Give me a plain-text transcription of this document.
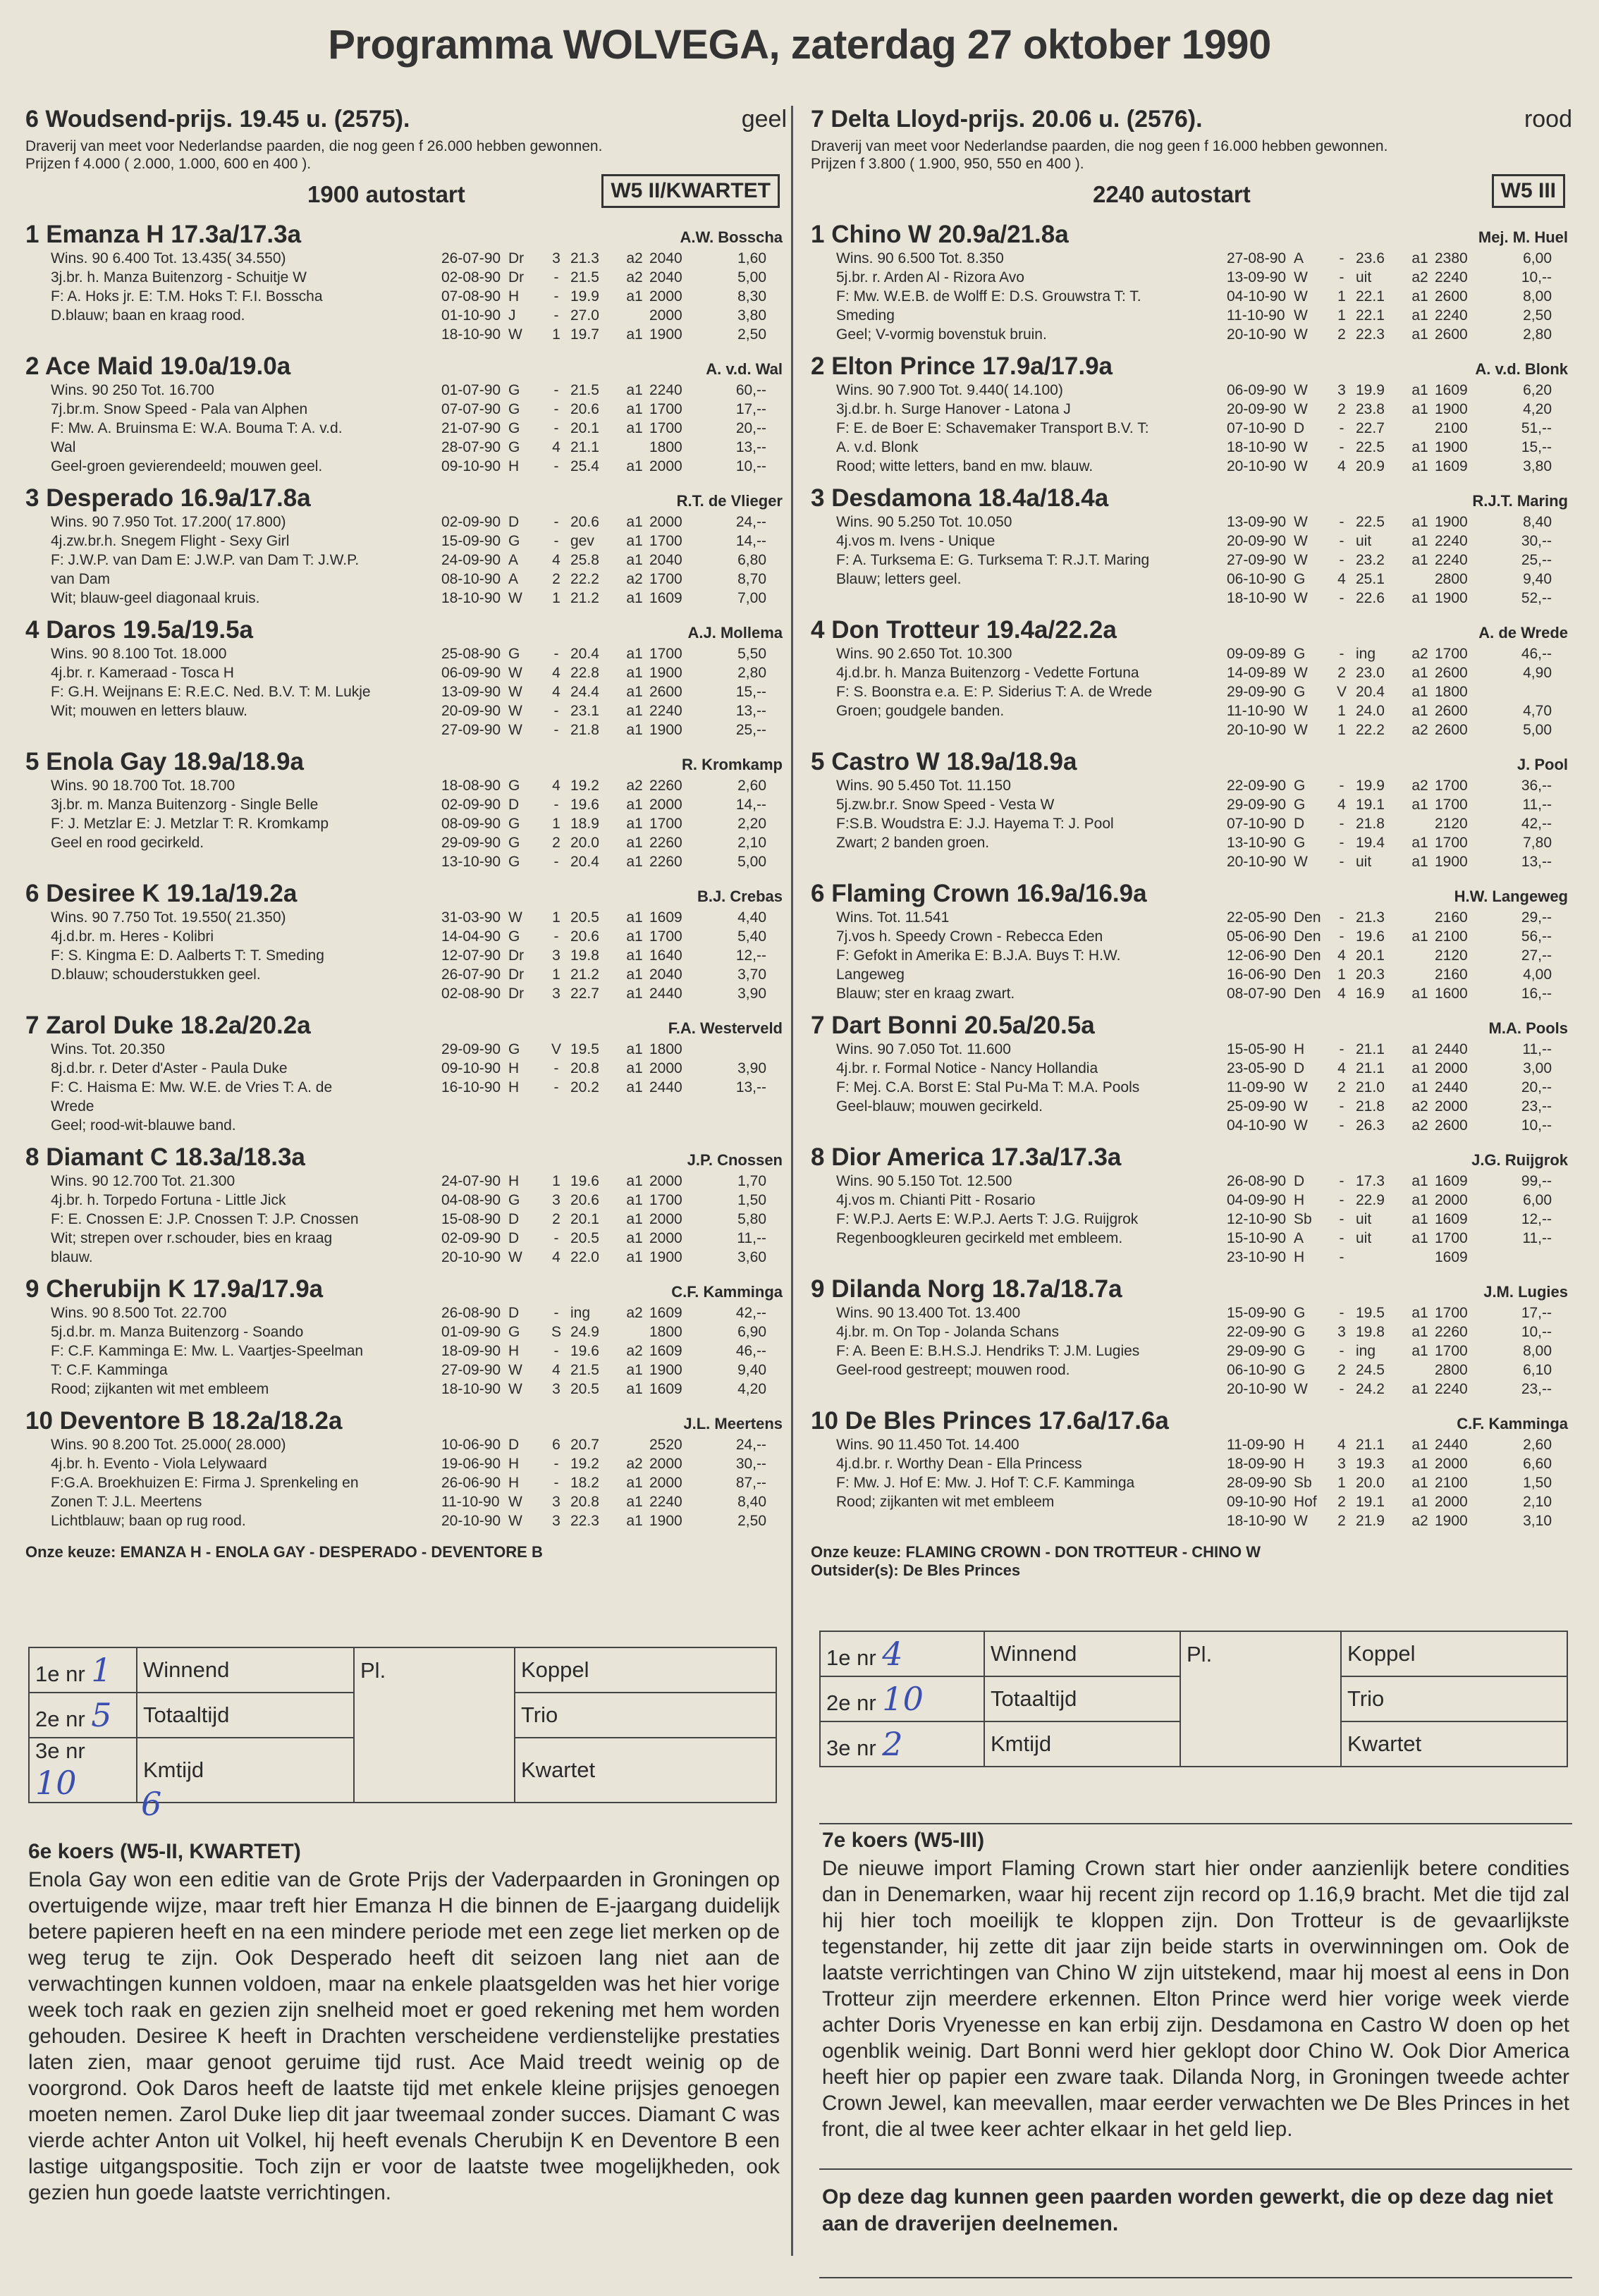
Programma WOLVEGA, zaterdag 27 oktober 1990
6 Woudsend-prijs. 19.45 u. (2575).	geel
Draverij van meet voor Nederlandse paarden, die nog geen f 26.000 hebben gewonnen.
Prijzen f 4.000 ( 2.000, 1.000, 600 en 400 ).
1900 autostart	W5 II/KWARTET
1 Emanza H 17.3a/17.3a	A.W. Bosscha
Wins. 90 6.400 Tot. 13.435( 34.550)
3j.br. h. Manza Buitenzorg - Schuitje W
F: A. Hoks jr. E: T.M. Hoks T: F.I. Bosscha
D.blauw; baan en kraag rood.
26-07-90 Dr	3 21.3	a2 2040	1,60
02-08-90 Dr	- 21.5	a2 2040	5,00
07-08-90 H	- 19.9	a1 2000	8,30
01-10-90 J	- 27.0	2000	3,80
18-10-90 W	1 19.7	a1 1900	2,50
2 Ace Maid 19.0a/19.0a	A. v.d. Wal
Wins. 90 250 Tot. 16.700
7j.br.m. Snow Speed - Pala van Alphen
F: Mw. A. Bruinsma E: W.A. Bouma T: A. v.d.
Wal
Geel-groen gevierendeeld; mouwen geel.
01-07-90 G	- 21.5	a1 2240	60,--
07-07-90 G	- 20.6	a1 1700	17,--
21-07-90 G	- 20.1	a1 1700	20,--
28-07-90 G	4 21.1	1800	13,--
09-10-90 H	- 25.4	a1 2000	10,--
3 Desperado 16.9a/17.8a	R.T. de Vlieger
Wins. 90 7.950 Tot. 17.200( 17.800)
4j.zw.br.h. Snegem Flight - Sexy Girl
F: J.W.P. van Dam E: J.W.P. van Dam T: J.W.P.
van Dam
Wit; blauw-geel diagonaal kruis.
02-09-90 D	- 20.6	a1 2000	24,--
15-09-90 G	- gev	a1 1700	14,--
24-09-90 A	4 25.8	a1 2040	6,80
08-10-90 A	2 22.2	a2 1700	8,70
18-10-90 W	1 21.2	a1 1609	7,00
4 Daros 19.5a/19.5a	A.J. Mollema
Wins. 90 8.100 Tot. 18.000
4j.br. r. Kameraad - Tosca H
F: G.H. Weijnans E: R.E.C. Ned. B.V. T: M. Lukje
Wit; mouwen en letters blauw.
25-08-90 G	- 20.4	a1 1700	5,50
06-09-90 W	4 22.8	a1 1900	2,80
13-09-90 W	4 24.4	a1 2600	15,--
20-09-90 W	- 23.1	a1 2240	13,--
27-09-90 W	- 21.8	a1 1900	25,--
5 Enola Gay 18.9a/18.9a	R. Kromkamp
Wins. 90 18.700 Tot. 18.700
3j.br. m. Manza Buitenzorg - Single Belle
F: J. Metzlar E: J. Metzlar T: R. Kromkamp
Geel en rood gecirkeld.
18-08-90 G	4 19.2	a2 2260	2,60
02-09-90 D	- 19.6	a1 2000	14,--
08-09-90 G	1 18.9	a1 1700	2,20
29-09-90 G	2 20.0	a1 2260	2,10
13-10-90 G	- 20.4	a1 2260	5,00
6 Desiree K 19.1a/19.2a	B.J. Crebas
Wins. 90 7.750 Tot. 19.550( 21.350)
4j.d.br. m. Heres - Kolibri
F: S. Kingma E: D. Aalberts T: T. Smeding
D.blauw; schouderstukken geel.
31-03-90 W	1 20.5	a1 1609	4,40
14-04-90 G	- 20.6	a1 1700	5,40
12-07-90 Dr	3 19.8	a1 1640	12,--
26-07-90 Dr	1 21.2	a1 2040	3,70
02-08-90 Dr	3 22.7	a1 2440	3,90
7 Zarol Duke 18.2a/20.2a	F.A. Westerveld
Wins. Tot. 20.350
8j.d.br. r. Deter d'Aster - Paula Duke
F: C. Haisma E: Mw. W.E. de Vries T: A. de
Wrede
Geel; rood-wit-blauwe band.
29-09-90 G	V 19.5	a1 1800
09-10-90 H	- 20.8	a1 2000	3,90
16-10-90 H	- 20.2	a1 2440	13,--
8 Diamant C 18.3a/18.3a	J.P. Cnossen
Wins. 90 12.700 Tot. 21.300
4j.br. h. Torpedo Fortuna - Little Jick
F: E. Cnossen E: J.P. Cnossen T: J.P. Cnossen
Wit; strepen over r.schouder, bies en kraag
blauw.
24-07-90 H	1 19.6	a1 2000	1,70
04-08-90 G	3 20.6	a1 1700	1,50
15-08-90 D	2 20.1	a1 2000	5,80
02-09-90 D	- 20.5	a1 2000	11,--
20-10-90 W	4 22.0	a1 1900	3,60
9 Cherubijn K 17.9a/17.9a	C.F. Kamminga
Wins. 90 8.500 Tot. 22.700
5j.d.br. m. Manza Buitenzorg - Soando
F: C.F. Kamminga E: Mw. L. Vaartjes-Speelman
T: C.F. Kamminga
Rood; zijkanten wit met embleem
26-08-90 D	- ing	a2 1609	42,--
01-09-90 G	S 24.9	1800	6,90
18-09-90 H	- 19.6	a2 1609	46,--
27-09-90 W	4 21.5	a1 1900	9,40
18-10-90 W	3 20.5	a1 1609	4,20
10 Deventore B 18.2a/18.2a	J.L. Meertens
Wins. 90 8.200 Tot. 25.000( 28.000)
4j.br. h. Evento - Viola Lelywaard
F:G.A. Broekhuizen E: Firma J. Sprenkeling en
Zonen T: J.L. Meertens
Lichtblauw; baan op rug rood.
10-06-90 D	6 20.7	2520	24,--
19-06-90 H	- 19.2	a2 2000	30,--
26-06-90 H	- 18.2	a1 2000	87,--
11-10-90 W	3 20.8	a1 2240	8,40
20-10-90 W	3 22.3	a1 1900	2,50
Onze keuze: EMANZA H - ENOLA GAY - DESPERADO - DEVENTORE B
7 Delta Lloyd-prijs. 20.06 u. (2576).	rood
Draverij van meet voor Nederlandse paarden, die nog geen f 16.000 hebben gewonnen.
Prijzen f 3.800 ( 1.900, 950, 550 en 400 ).
2240 autostart	W5 III
1 Chino W 20.9a/21.8a	Mej. M. Huel
Wins. 90 6.500 Tot. 8.350
5j.br. r. Arden Al - Rizora Avo
F: Mw. W.E.B. de Wolff E: D.S. Grouwstra T: T.
Smeding
Geel; V-vormig bovenstuk bruin.
27-08-90 A	- 23.6	a1 2380	6,00
13-09-90 W	- uit	a2 2240	10,--
04-10-90 W	1 22.1	a1 2600	8,00
11-10-90 W	1 22.1	a1 2240	2,50
20-10-90 W	2 22.3	a1 2600	2,80
2 Elton Prince 17.9a/17.9a	A. v.d. Blonk
Wins. 90 7.900 Tot. 9.440( 14.100)
3j.d.br. h. Surge Hanover - Latona J
F: E. de Boer E: Schavemaker Transport B.V. T:
A. v.d. Blonk
Rood; witte letters, band en mw. blauw.
06-09-90 W	3 19.9	a1 1609	6,20
20-09-90 W	2 23.8	a1 1900	4,20
07-10-90 D	- 22.7	2100	51,--
18-10-90 W	- 22.5	a1 1900	15,--
20-10-90 W	4 20.9	a1 1609	3,80
3 Desdamona 18.4a/18.4a	R.J.T. Maring
Wins. 90 5.250 Tot. 10.050
4j.vos m. Ivens - Unique
F: A. Turksema E: G. Turksema T: R.J.T. Maring
Blauw; letters geel.
13-09-90 W	- 22.5	a1 1900	8,40
20-09-90 W	- uit	a1 2240	30,--
27-09-90 W	- 23.2	a1 2240	25,--
06-10-90 G	4 25.1	2800	9,40
18-10-90 W	- 22.6	a1 1900	52,--
4 Don Trotteur 19.4a/22.2a	A. de Wrede
Wins. 90 2.650 Tot. 10.300
4j.d.br. h. Manza Buitenzorg - Vedette Fortuna
F: S. Boonstra e.a. E: P. Siderius T: A. de Wrede
Groen; goudgele banden.
09-09-89 G	- ing	a2 1700	46,--
14-09-89 W	2 23.0	a1 2600	4,90
29-09-90 G	V 20.4	a1 1800
11-10-90 W	1 24.0	a1 2600	4,70
20-10-90 W	1 22.2	a2 2600	5,00
5 Castro W 18.9a/18.9a	J. Pool
Wins. 90 5.450 Tot. 11.150
5j.zw.br.r. Snow Speed - Vesta W
F:S.B. Woudstra E: J.J. Hayema T: J. Pool
Zwart; 2 banden groen.
22-09-90 G	- 19.9	a2 1700	36,--
29-09-90 G	4 19.1	a1 1700	11,--
07-10-90 D	- 21.8	2120	42,--
13-10-90 G	- 19.4	a1 1700	7,80
20-10-90 W	- uit	a1 1900	13,--
6 Flaming Crown 16.9a/16.9a	H.W. Langeweg
Wins. Tot. 11.541
7j.vos h. Speedy Crown - Rebecca Eden
F: Gefokt in Amerika E: B.J.A. Buys T: H.W.
Langeweg
Blauw; ster en kraag zwart.
22-05-90 Den	- 21.3	2160	29,--
05-06-90 Den	- 19.6	a1 2100	56,--
12-06-90 Den	4 20.1	2120	27,--
16-06-90 Den	1 20.3	2160	4,00
08-07-90 Den	4 16.9	a1 1600	16,--
7 Dart Bonni 20.5a/20.5a	M.A. Pools
Wins. 90 7.050 Tot. 11.600
4j.br. r. Formal Notice - Nancy Hollandia
F: Mej. C.A. Borst E: Stal Pu-Ma T: M.A. Pools
Geel-blauw; mouwen gecirkeld.
15-05-90 H	- 21.1	a1 2440	11,--
23-05-90 D	4 21.1	a1 2000	3,00
11-09-90 W	2 21.0	a1 2440	20,--
25-09-90 W	- 21.8	a2 2000	23,--
04-10-90 W	- 26.3	a2 2600	10,--
8 Dior America 17.3a/17.3a	J.G. Ruijgrok
Wins. 90 5.150 Tot. 12.500
4j.vos m. Chianti Pitt - Rosario
F: W.P.J. Aerts E: W.P.J. Aerts T: J.G. Ruijgrok
Regenboogkleuren gecirkeld met embleem.
26-08-90 D	- 17.3	a1 1609	99,--
04-09-90 H	- 22.9	a1 2000	6,00
12-10-90 Sb	- uit	a1 1609	12,--
15-10-90 A	- uit	a1 1700	11,--
23-10-90 H	-	1609
9 Dilanda Norg 18.7a/18.7a	J.M. Lugies
Wins. 90 13.400 Tot. 13.400
4j.br. m. On Top - Jolanda Schans
F: A. Been E: B.H.S.J. Hendriks T: J.M. Lugies
Geel-rood gestreept; mouwen rood.
15-09-90 G	- 19.5	a1 1700	17,--
22-09-90 G	3 19.8	a1 2260	10,--
29-09-90 G	- ing	a1 1700	8,00
06-10-90 G	2 24.5	2800	6,10
20-10-90 W	- 24.2	a1 2240	23,--
10 De Bles Princes 17.6a/17.6a	C.F. Kamminga
Wins. 90 11.450 Tot. 14.400
4j.d.br. r. Worthy Dean - Ella Princess
F: Mw. J. Hof E: Mw. J. Hof T: C.F. Kamminga
Rood; zijkanten wit met embleem
11-09-90 H	4 21.1	a1 2440	2,60
18-09-90 H	3 19.3	a1 2000	6,60
28-09-90 Sb	1 20.0	a1 2100	1,50
09-10-90 Hof	2 19.1	a1 2000	2,10
18-10-90 W	2 21.9	a2 1900	3,10
Onze keuze: FLAMING CROWN - DON TROTTEUR - CHINO W
Outsider(s): De Bles Princes
1e nr 1	Winnend	Pl.	Koppel
2e nr 5	Totaaltijd		Trio
3e nr 10	Kmtijd		Kwartet
6
1e nr 4	Winnend	Pl.	Koppel
2e nr 10	Totaaltijd		Trio
3e nr 2	Kmtijd		Kwartet
6e koers (W5-II, KWARTET)
Enola Gay won een editie van de Grote Prijs der Vaderpaarden in Groningen op overtuigende wijze, maar treft hier Emanza H die binnen de E-jaargang duidelijk betere papieren heeft en na een mindere periode met een zege liet merken op de weg terug te zijn. Ook Desperado heeft dit seizoen lang niet aan de verwachtingen kunnen voldoen, maar na enkele plaatsgelden was het hier vorige week toch raak en gezien zijn snelheid moet er goed rekening met hem worden gehouden. Desiree K heeft in Drachten verscheidene verdienstelijke prestaties laten zien, maar genoot geruime tijd rust. Ace Maid treedt weinig op de voorgrond. Ook Daros heeft de laatste tijd met enkele kleine prijsjes genoegen moeten nemen. Zarol Duke liep dit jaar tweemaal zonder succes. Diamant C was vierde achter Anton uit Volkel, hij heeft evenals Cherubijn K en Deventore B een lastige uitgangspositie. Toch zijn er voor de laatste twee mogelijkheden, ook gezien hun goede laatste verrichtingen.
7e koers (W5-III)
De nieuwe import Flaming Crown start hier onder aanzienlijk betere condities dan in Denemarken, waar hij recent zijn record op 1.16,9 bracht. Met die tijd zal hij hier toch moeilijk te kloppen zijn. Don Trotteur is de gevaarlijkste tegenstander, hij zette dit jaar zijn beide starts in overwinningen om. Ook de laatste verrichtingen van Chino W zijn uitstekend, maar hij moest al eens in Don Trotteur zijn meerdere erkennen. Elton Prince werd hier vorige week vierde achter Doris Vryenesse en kan erbij zijn. Desdamona en Castro W doen op het ogenblik weinig. Dart Bonni werd hier geklopt door Chino W. Ook Dior America heeft hier op papier een zware taak. Dilanda Norg, in Groningen tweede achter Crown Jewel, kan meevallen, maar eerder verwachten we De Bles Princes in het front, die al twee keer achter elkaar in het geld liep.
Op deze dag kunnen geen paarden worden gewerkt, die op deze dag niet aan de draverijen deelnemen.
